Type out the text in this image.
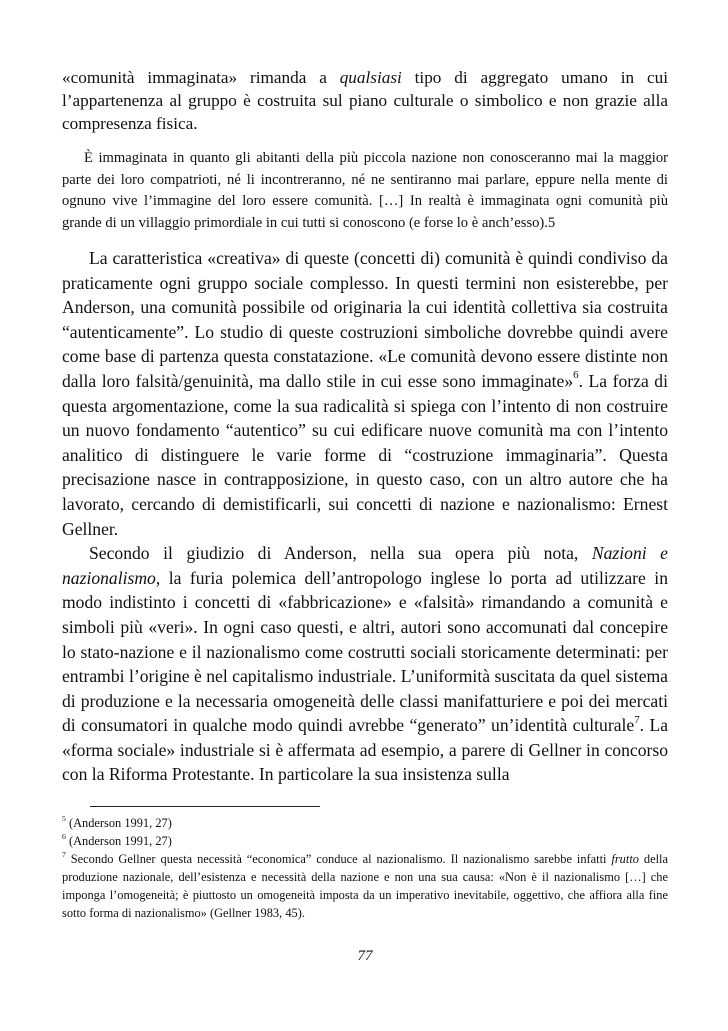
«comunità immaginata» rimanda a qualsiasi tipo di aggregato umano in cui l’appartenenza al gruppo è costruita sul piano culturale o simbolico e non grazie alla compresenza fisica.

È immaginata in quanto gli abitanti della più piccola nazione non conosceranno mai la maggior parte dei loro compatrioti, né li incontreranno, né ne sentiranno mai parlare, eppure nella mente di ognuno vive l’immagine del loro essere comunità. […] In realtà è immaginata ogni comunità più grande di un villaggio primordiale in cui tutti si conoscono (e forse lo è anch’esso).5

La caratteristica «creativa» di queste (concetti di) comunità è quindi condiviso da praticamente ogni gruppo sociale complesso. In questi termini non esisterebbe, per Anderson, una comunità possibile od originaria la cui identità collettiva sia costruita “autenticamente”. Lo studio di queste costruzioni simboliche dovrebbe quindi avere come base di partenza questa constatazione. «Le comunità devono essere distinte non dalla loro falsità/genuinità, ma dallo stile in cui esse sono immaginate»$^6$. La forza di questa argomentazione, come la sua radicalità si spiega con l’intento di non costruire un nuovo fondamento “autentico” su cui edificare nuove comunità ma con l’intento analitico di distinguere le varie forme di “costruzione immaginaria”. Questa precisazione nasce in contrapposizione, in questo caso, con un altro autore che ha lavorato, cercando di demistificarli, sui concetti di nazione e nazionalismo: Ernest Gellner.

Secondo il giudizio di Anderson, nella sua opera più nota, Nazioni e nazionalismo, la furia polemica dell’antropologo inglese lo porta ad utilizzare in modo indistinto i concetti di «fabbricazione» e «falsità» rimandando a comunità e simboli più «veri». In ogni caso questi, e altri, autori sono accomunati dal concepire lo stato-nazione e il nazionalismo come costrutti sociali storicamente determinati: per entrambi l’origine è nel capitalismo industriale. L’uniformità suscitata da quel sistema di produzione e la necessaria omogeneità delle classi manifatturiere e poi dei mercati di consumatori in qualche modo quindi avrebbe “generato” un’identità culturale$^7$. La «forma sociale» industriale si è affermata ad esempio, a parere di Gellner in concorso con la Riforma Protestante. In particolare la sua insistenza sulla

$^5$ (Anderson 1991, 27)

$^6$ (Anderson 1991, 27)

$^7$ Secondo Gellner questa necessità “economica” conduce al nazionalismo. Il nazionalismo sarebbe infatti frutto della produzione nazionale, dell’esistenza e necessità della nazione e non una sua causa: «Non è il nazionalismo […] che imponga l’omogeneità; è piuttosto un omogeneità imposta da un imperativo inevitabile, oggettivo, che affiora alla fine sotto forma di nazionalismo» (Gellner 1983, 45).

77
